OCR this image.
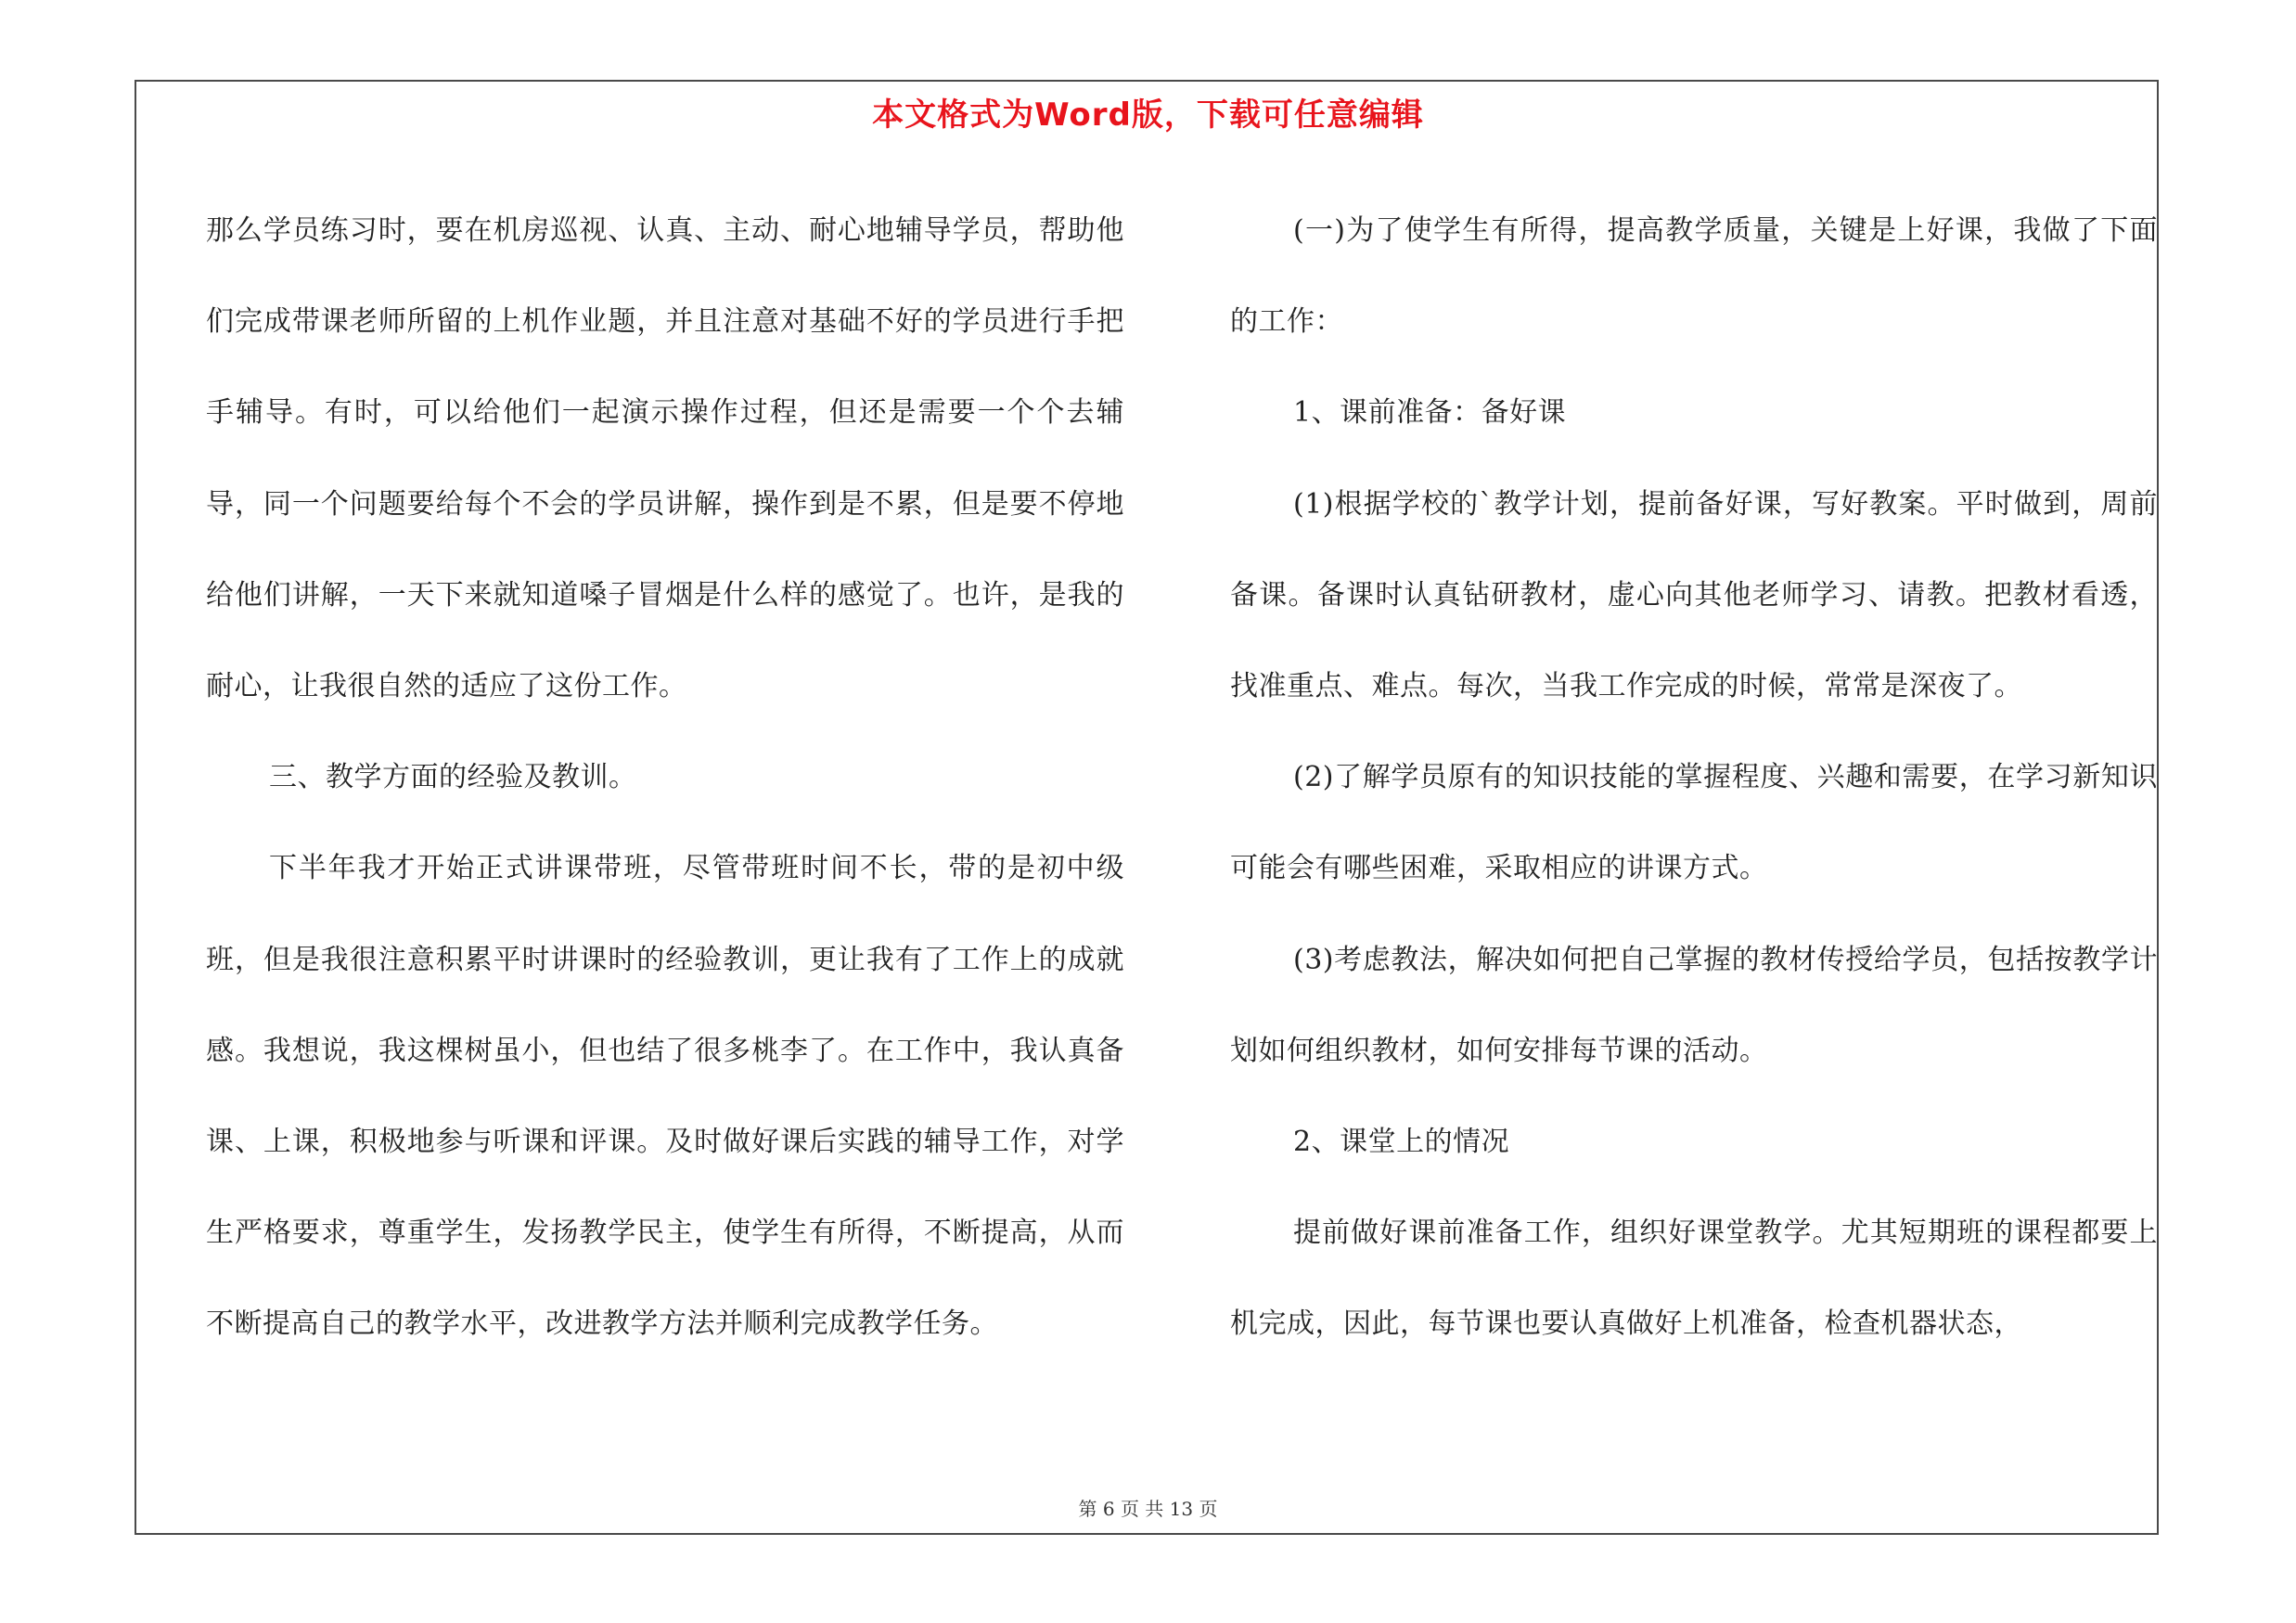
本文格式为Word版，下载可任意编辑

那么学员练习时，要在机房巡视、认真、主动、耐心地辅导学员，帮助他们完成带课老师所留的上机作业题，并且注意对基础不好的学员进行手把手辅导。有时，可以给他们一起演示操作过程，但还是需要一个个去辅导，同一个问题要给每个不会的学员讲解，操作到是不累，但是要不停地给他们讲解，一天下来就知道嗓子冒烟是什么样的感觉了。也许，是我的耐心，让我很自然的适应了这份工作。

三、教学方面的经验及教训。

下半年我才开始正式讲课带班，尽管带班时间不长，带的是初中级班，但是我很注意积累平时讲课时的经验教训，更让我有了工作上的成就感。我想说，我这棵树虽小，但也结了很多桃李了。在工作中，我认真备课、上课，积极地参与听课和评课。及时做好课后实践的辅导工作，对学生严格要求，尊重学生，发扬教学民主，使学生有所得，不断提高，从而不断提高自己的教学水平，改进教学方法并顺利完成教学任务。

(一)为了使学生有所得，提高教学质量，关键是上好课，我做了下面的工作：

1、课前准备：备好课

(1)根据学校的`教学计划，提前备好课，写好教案。平时做到，周前备课。备课时认真钻研教材，虚心向其他老师学习、请教。把教材看透，找准重点、难点。每次，当我工作完成的时候，常常是深夜了。

(2)了解学员原有的知识技能的掌握程度、兴趣和需要，在学习新知识可能会有哪些困难，采取相应的讲课方式。

(3)考虑教法，解决如何把自己掌握的教材传授给学员，包括按教学计划如何组织教材，如何安排每节课的活动。

2、课堂上的情况

提前做好课前准备工作，组织好课堂教学。尤其短期班的课程都要上机完成，因此，每节课也要认真做好上机准备，检查机器状态，

第 6 页 共 13 页
